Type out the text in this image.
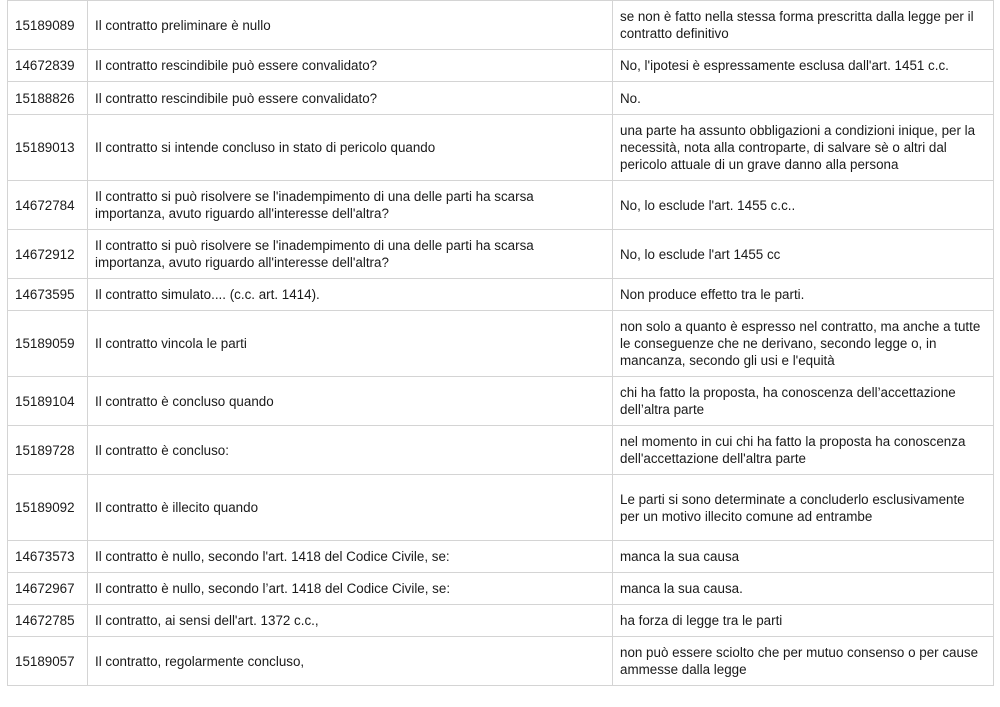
15189089	Il contratto preliminare è nullo	se non è fatto nella stessa forma prescritta dalla legge per il contratto definitivo
14672839	Il contratto rescindibile può essere convalidato?	No, l'ipotesi è espressamente esclusa dall'art. 1451 c.c.
15188826	Il contratto rescindibile può essere convalidato?	No.
15189013	Il contratto si intende concluso in stato di pericolo quando	una parte ha assunto obbligazioni a condizioni inique, per la necessità, nota alla controparte, di salvare sè o altri dal pericolo attuale di un grave danno alla persona
14672784	Il contratto si può risolvere se l'inadempimento di una delle parti ha scarsa importanza, avuto riguardo all'interesse dell'altra?	No, lo esclude l'art. 1455 c.c..
14672912	Il contratto si può risolvere se l'inadempimento di una delle parti ha scarsa importanza, avuto riguardo all'interesse dell'altra?	No, lo esclude l'art 1455 cc
14673595	Il contratto simulato.... (c.c. art. 1414).	Non produce effetto tra le parti.
15189059	Il contratto vincola le parti	non solo a quanto è espresso nel contratto, ma anche a tutte le conseguenze che ne derivano, secondo legge o, in mancanza, secondo gli usi e l'equità
15189104	Il contratto è concluso quando	chi ha fatto la proposta, ha conoscenza dell’accettazione dell’altra parte
15189728	Il contratto è concluso:	nel momento in cui chi ha fatto la proposta ha conoscenza dell'accettazione dell'altra parte
15189092	Il contratto è illecito quando	Le parti si sono determinate a concluderlo esclusivamente per un motivo illecito comune ad entrambe
14673573	Il contratto è nullo, secondo l'art. 1418 del Codice Civile, se:	manca la sua causa
14672967	Il contratto è nullo, secondo l’art. 1418 del Codice Civile, se:	manca la sua causa.
14672785	Il contratto, ai sensi dell'art. 1372 c.c.,	ha forza di legge tra le parti
15189057	Il contratto, regolarmente concluso,	non può essere sciolto che per mutuo consenso o per cause ammesse dalla legge
